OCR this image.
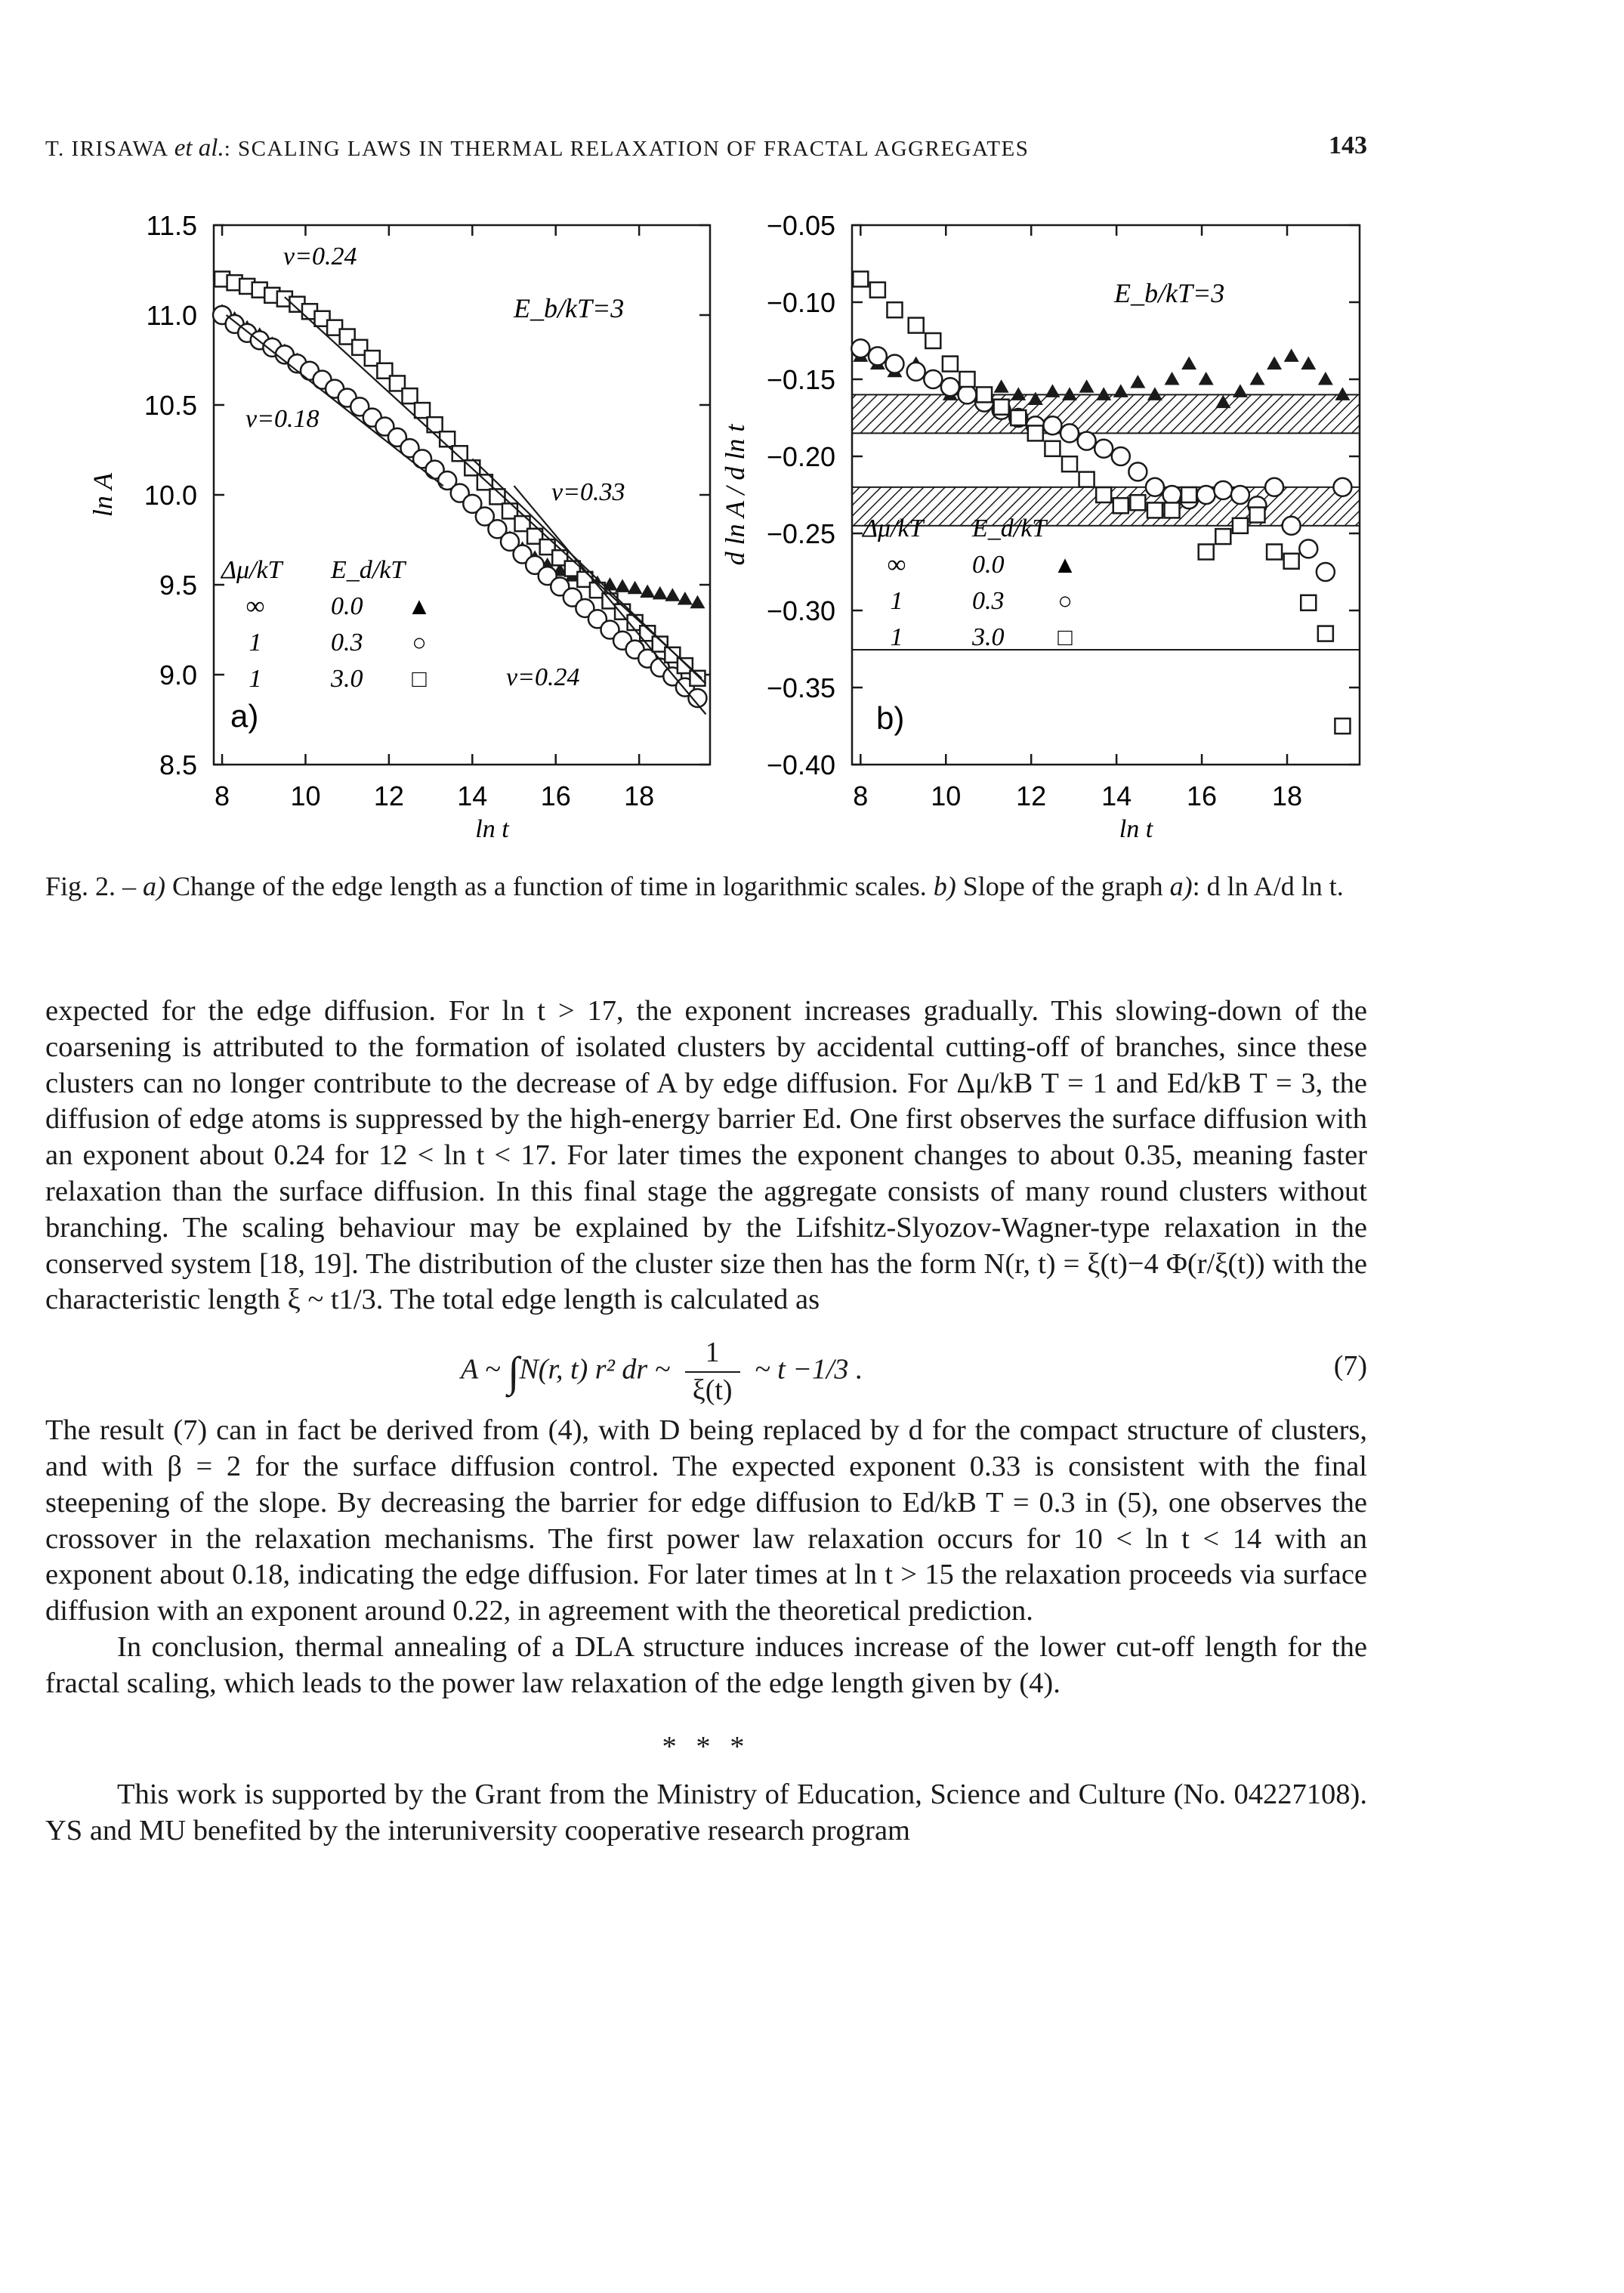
T. IRISAWA et al.: SCALING LAWS IN THERMAL RELAXATION OF FRACTAL AGGREGATES	143
8 10 12 14 16 18
11.5
11.0
10.5
10.0
9.5
9.0
8.5
ln t
ln A
E_b/kT=3
a)
Δμ/kT E_d/kT
∞	0.0 ▲
1	0.3 ○
1	3.0 □
ν=0.24
ν=0.18
ν=0.33
ν=0.24
8 10 12 14 16 18
−0.05
−0.10
−0.15
−0.20
−0.25
−0.30
−0.35
−0.40
ln t
d ln A / d ln t
E_b/kT=3
b)
Δμ/kT E_d/kT
∞	0.0 ▲
1	0.3 ○
1	3.0 □
Fig. 2. – a) Change of the edge length as a function of time in logarithmic scales. b) Slope of the graph a): d ln A/d ln t.

expected for the edge diffusion. For ln t > 17, the exponent increases gradually. This slowing-down of the coarsening is attributed to the formation of isolated clusters by accidental cutting-off of branches, since these clusters can no longer contribute to the decrease of A by edge diffusion. For Δμ/kB T = 1 and Ed/kB T = 3, the diffusion of edge atoms is suppressed by the high-energy barrier Ed. One first observes the surface diffusion with an exponent about 0.24 for 12 < ln t < 17. For later times the exponent changes to about 0.35, meaning faster relaxation than the surface diffusion. In this final stage the aggregate consists of many round clusters without branching. The scaling behaviour may be explained by the Lifshitz-Slyozov-Wagner-type relaxation in the conserved system [18, 19]. The distribution of the cluster size then has the form N(r, t) = ξ(t)−4 Φ(r/ξ(t)) with the characteristic length ξ ~ t1/3. The total edge length is calculated as

A ~ ∫N(r, t) r² dr ~ $\frac{1}{\xi(t)}$ ~ t −1/3 .	(7)

The result (7) can in fact be derived from (4), with D being replaced by d for the compact structure of clusters, and with β = 2 for the surface diffusion control. The expected exponent 0.33 is consistent with the final steepening of the slope. By decreasing the barrier for edge diffusion to Ed/kB T = 0.3 in (5), one observes the crossover in the relaxation mechanisms. The first power law relaxation occurs for 10 < ln t < 14 with an exponent about 0.18, indicating the edge diffusion. For later times at ln t > 15 the relaxation proceeds via surface diffusion with an exponent around 0.22, in agreement with the theoretical prediction.

In conclusion, thermal annealing of a DLA structure induces increase of the lower cut-off length for the fractal scaling, which leads to the power law relaxation of the edge length given by (4).

* * *

This work is supported by the Grant from the Ministry of Education, Science and Culture (No. 04227108). YS and MU benefited by the interuniversity cooperative research program
